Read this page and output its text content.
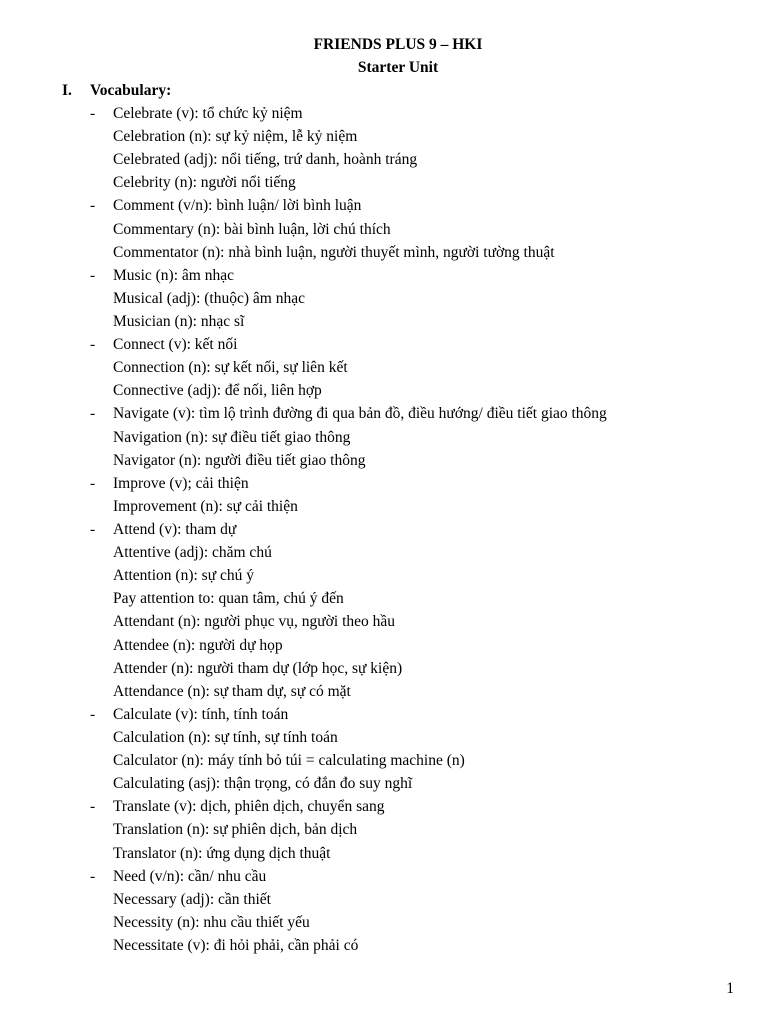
FRIENDS PLUS 9 – HKI
Starter Unit
I. Vocabulary:
- Celebrate (v): tổ chức kỷ niệm
Celebration (n): sự kỷ niệm, lễ kỷ niệm
Celebrated (adj): nổi tiếng, trứ danh, hoành tráng
Celebrity (n): người nổi tiếng
- Comment (v/n): bình luận/ lời bình luận
Commentary (n): bài bình luận, lời chú thích
Commentator (n): nhà bình luận, người thuyết mình, người tường thuật
- Music (n): âm nhạc
Musical (adj): (thuộc) âm nhạc
Musician (n): nhạc sĩ
- Connect (v): kết nối
Connection (n): sự kết nối, sự liên kết
Connective (adj): để nối, liên hợp
- Navigate (v): tìm lộ trình đường đi qua bản đồ, điều hướng/ điều tiết giao thông
Navigation (n): sự điều tiết giao thông
Navigator (n): người điều tiết giao thông
- Improve (v); cải thiện
Improvement (n): sự cải thiện
- Attend (v): tham dự
Attentive (adj): chăm chú
Attention (n): sự chú ý
Pay attention to: quan tâm, chú ý đến
Attendant (n): người phục vụ, người theo hầu
Attendee (n): người dự họp
Attender (n): người tham dự (lớp học, sự kiện)
Attendance (n): sự tham dự, sự có mặt
- Calculate (v): tính, tính toán
Calculation (n): sự tính, sự tính toán
Calculator (n): máy tính bỏ túi = calculating machine (n)
Calculating (asj): thận trọng, có đắn đo suy nghĩ
- Translate (v): dịch, phiên dịch, chuyển sang
Translation (n): sự phiên dịch, bản dịch
Translator (n): ứng dụng dịch thuật
- Need (v/n): cần/ nhu cầu
Necessary (adj): cần thiết
Necessity (n): nhu cầu thiết yếu
Necessitate (v): đi hỏi phải, cần phải có
1
